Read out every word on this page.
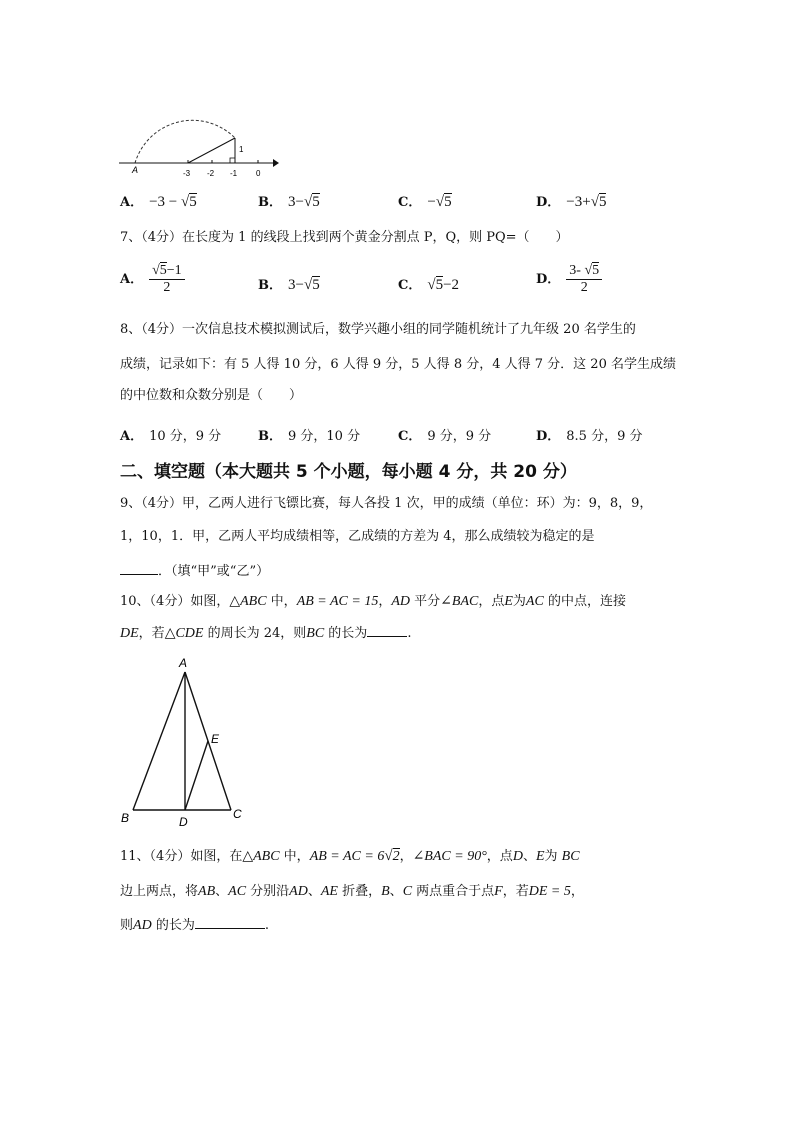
A
1
-3 -2 -1 0
A． −3 − √5	B． 3−√5	C． −√5	D． −3+√5
7、（4分）在长度为 1 的线段上找到两个黄金分割点 P，Q，则 PQ=（　　）
A． $\frac{√5-1}{2}$	B． 3−√5	C． √5−2	D． $\frac{3- √5}{2}$
8、（4分）一次信息技术模拟测试后，数学兴趣小组的同学随机统计了九年级 20 名学生的
成绩，记录如下：有 5 人得 10 分，6 人得 9 分，5 人得 8 分，4 人得 7 分．这 20 名学生成绩
的中位数和众数分别是（　　）
A． 10 分，9 分	B． 9 分，10 分	C． 9 分，9 分	D． 8.5 分，9 分
二、填空题（本大题共 5 个小题，每小题 4 分，共 20 分）
9、（4分）甲，乙两人进行飞镖比赛，每人各投 1 次，甲的成绩（单位：环）为：9，8，9，
1，10，1．甲，乙两人平均成绩相等，乙成绩的方差为 4，那么成绩较为稳定的是
．（填“甲”或“乙”）
10、（4分）如图，△ABC 中，AB = AC = 15，AD 平分∠BAC，点E为AC 的中点，连接
DE，若△CDE 的周长为 24，则BC 的长为	.
A
B	C
D
E
11、（4分）如图，在△ABC 中，AB = AC = 6√2，∠BAC = 90°，点D、E为 BC
边上两点，将AB、AC 分别沿AD、AE 折叠，B、C 两点重合于点F，若DE = 5，
则AD 的长为	.
